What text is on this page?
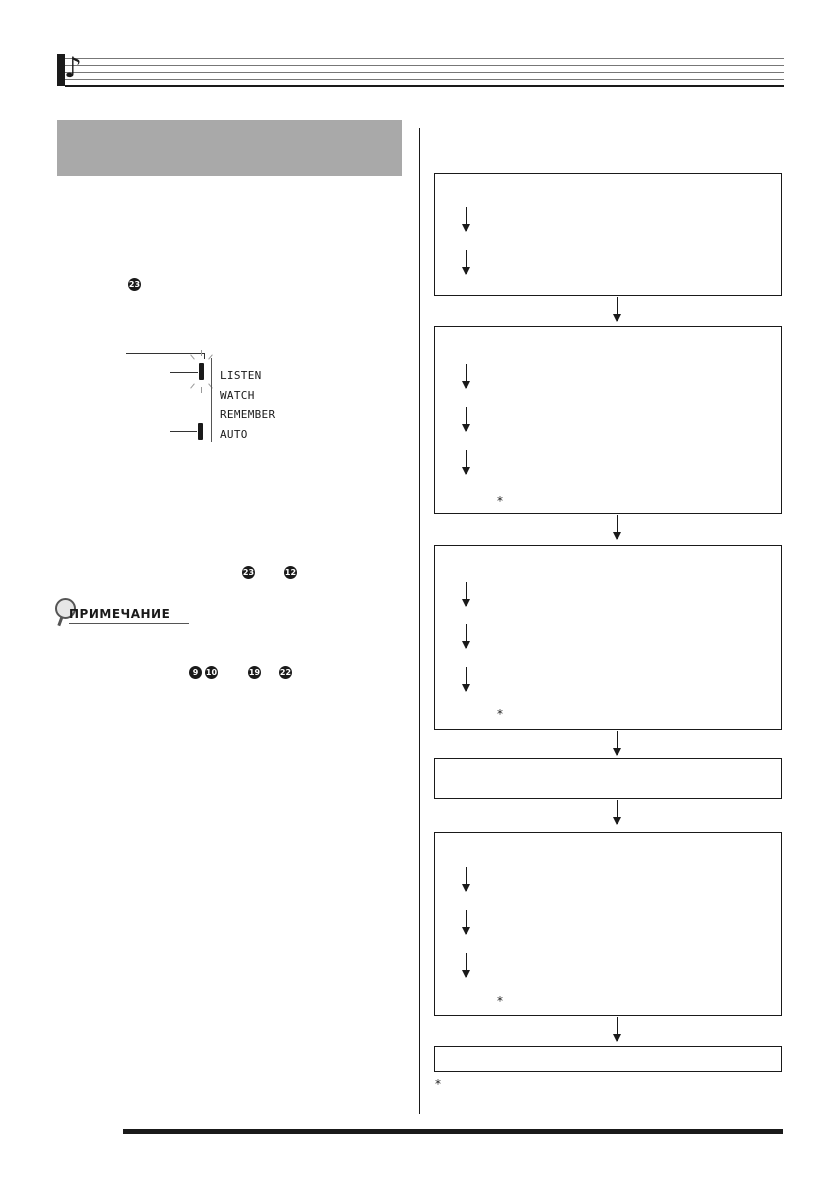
♪
23
LISTEN
WATCH
REMEMBER
AUTO
23	12
ПРИМЕЧАНИЕ
9 10	19 22
*
*
*
*
